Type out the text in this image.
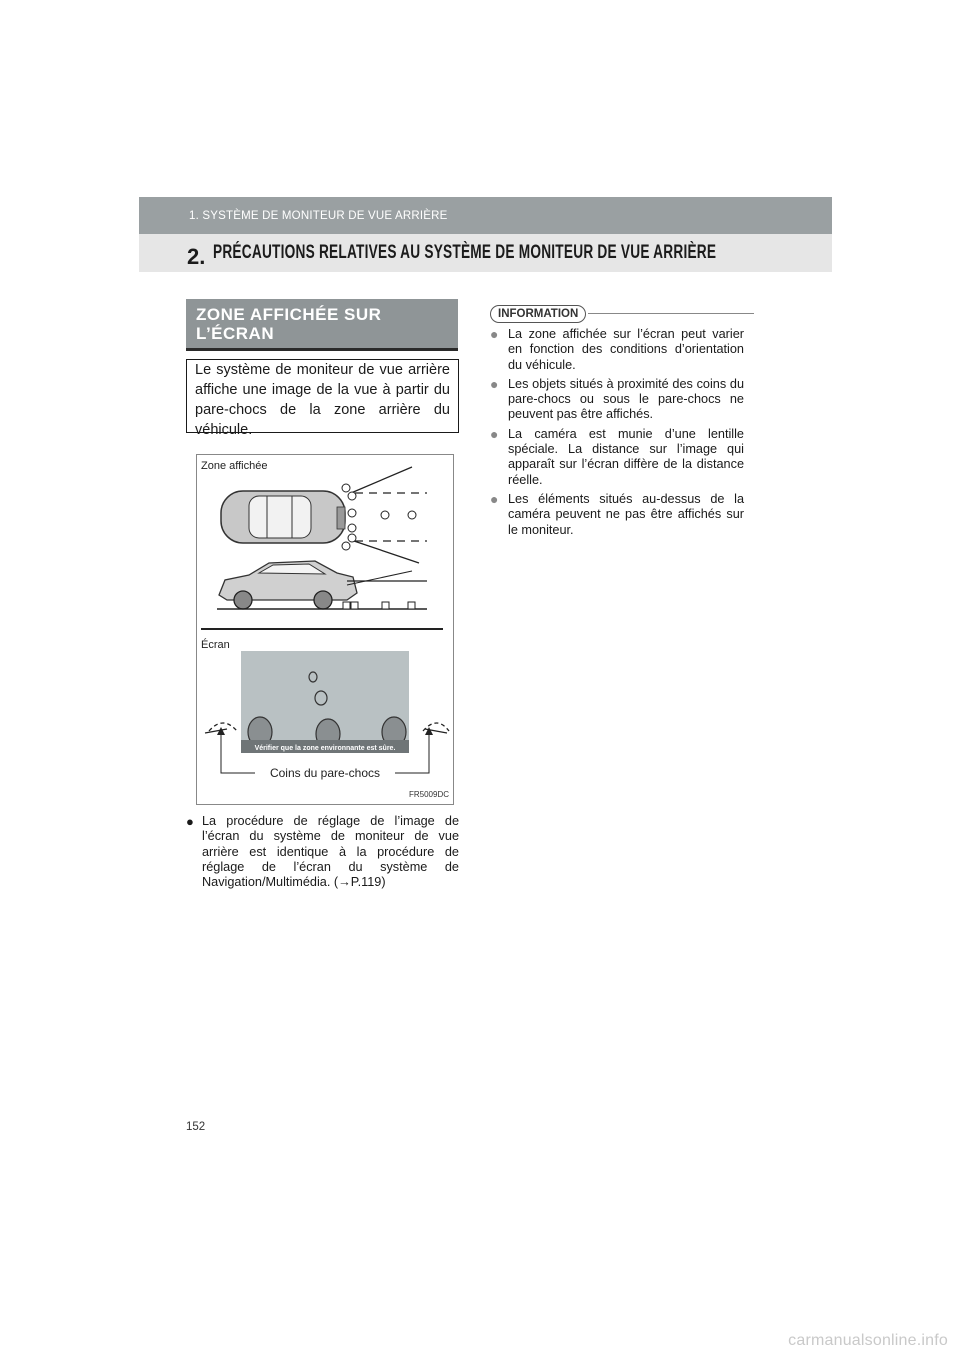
1. SYSTÈME DE MONITEUR DE VUE ARRIÈRE
2. PRÉCAUTIONS RELATIVES AU SYSTÈME DE MONITEUR DE VUE ARRIÈRE
ZONE AFFICHÉE SUR
L’ÉCRAN
Le système de moniteur de vue arrière affiche une image de la vue à partir du pare-chocs de la zone arrière du véhicule.
Zone affichée
Écran
Vérifier que la zone environnante est sûre.
Coins du pare-chocs
FR5009DC
● La procédure de réglage de l’image de l’écran du système de moniteur de vue arrière est identique à la procédure de réglage de l’écran du système de Navigation/Multimédia. (→P.119)
INFORMATION
● La zone affichée sur l’écran peut varier en fonction des conditions d’orientation du véhicule.
● Les objets situés à proximité des coins du pare-chocs ou sous le pare-chocs ne peuvent pas être affichés.
● La caméra est munie d’une lentille spéciale. La distance sur l’image qui apparaît sur l’écran diffère de la distance réelle.
● Les éléments situés au-dessus de la caméra peuvent ne pas être affichés sur le moniteur.
152
carmanualsonline.info
